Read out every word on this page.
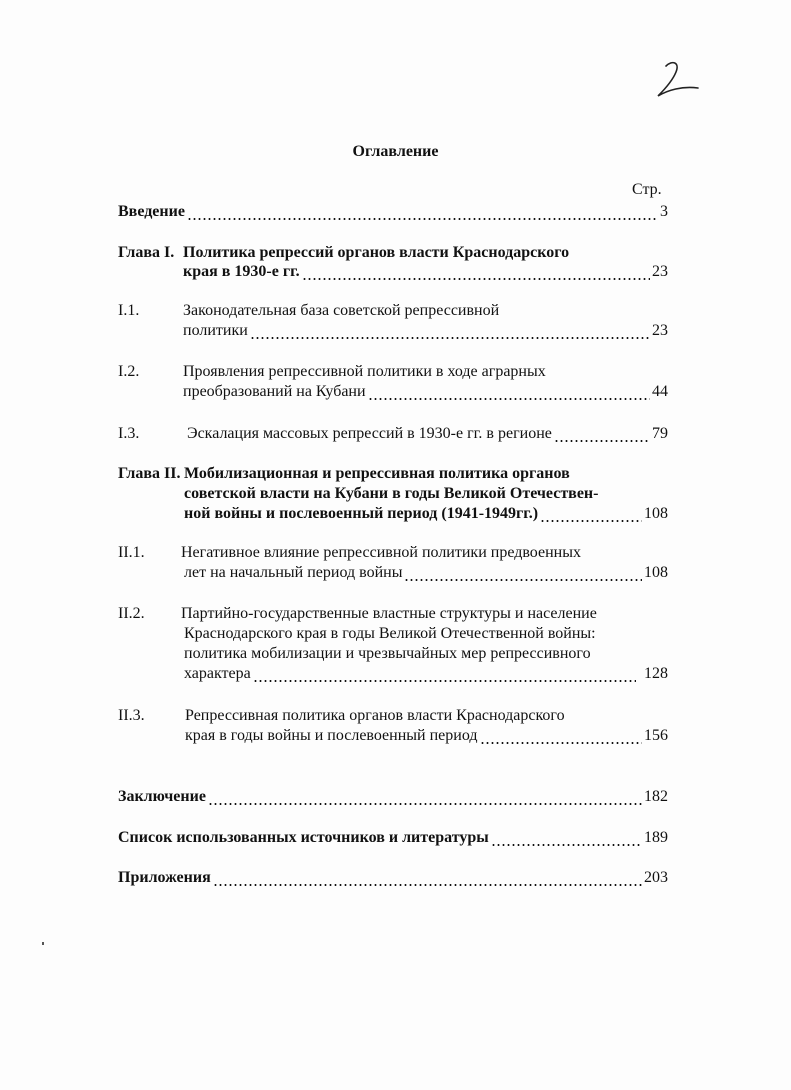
Оглавление
Стр.
Введение	3
Глава I. Политика репрессий органов власти Краснодарского
края в 1930-е гг.	23
I.1.	Законодательная база советской репрессивной
политики	23
I.2.	Проявления репрессивной политики в ходе аграрных
преобразований на Кубани	44
I.3.	Эскалация массовых репрессий в 1930-е гг. в регионе	79
Глава II. Мобилизационная и репрессивная политика органов
советской власти на Кубани в годы Великой Отечествен-
ной войны и послевоенный период (1941-1949гг.)	108
II.1. Негативное влияние репрессивной политики предвоенных
лет на начальный период войны	108
II.2. Партийно-государственные властные структуры и население
Краснодарского края в годы Великой Отечественной войны:
политика мобилизации и чрезвычайных мер репрессивного
характера	128
II.3.	Репрессивная политика органов власти Краснодарского
края в годы войны и послевоенный период	156
Заключение	182
Список использованных источников и литературы	189
Приложения	203
